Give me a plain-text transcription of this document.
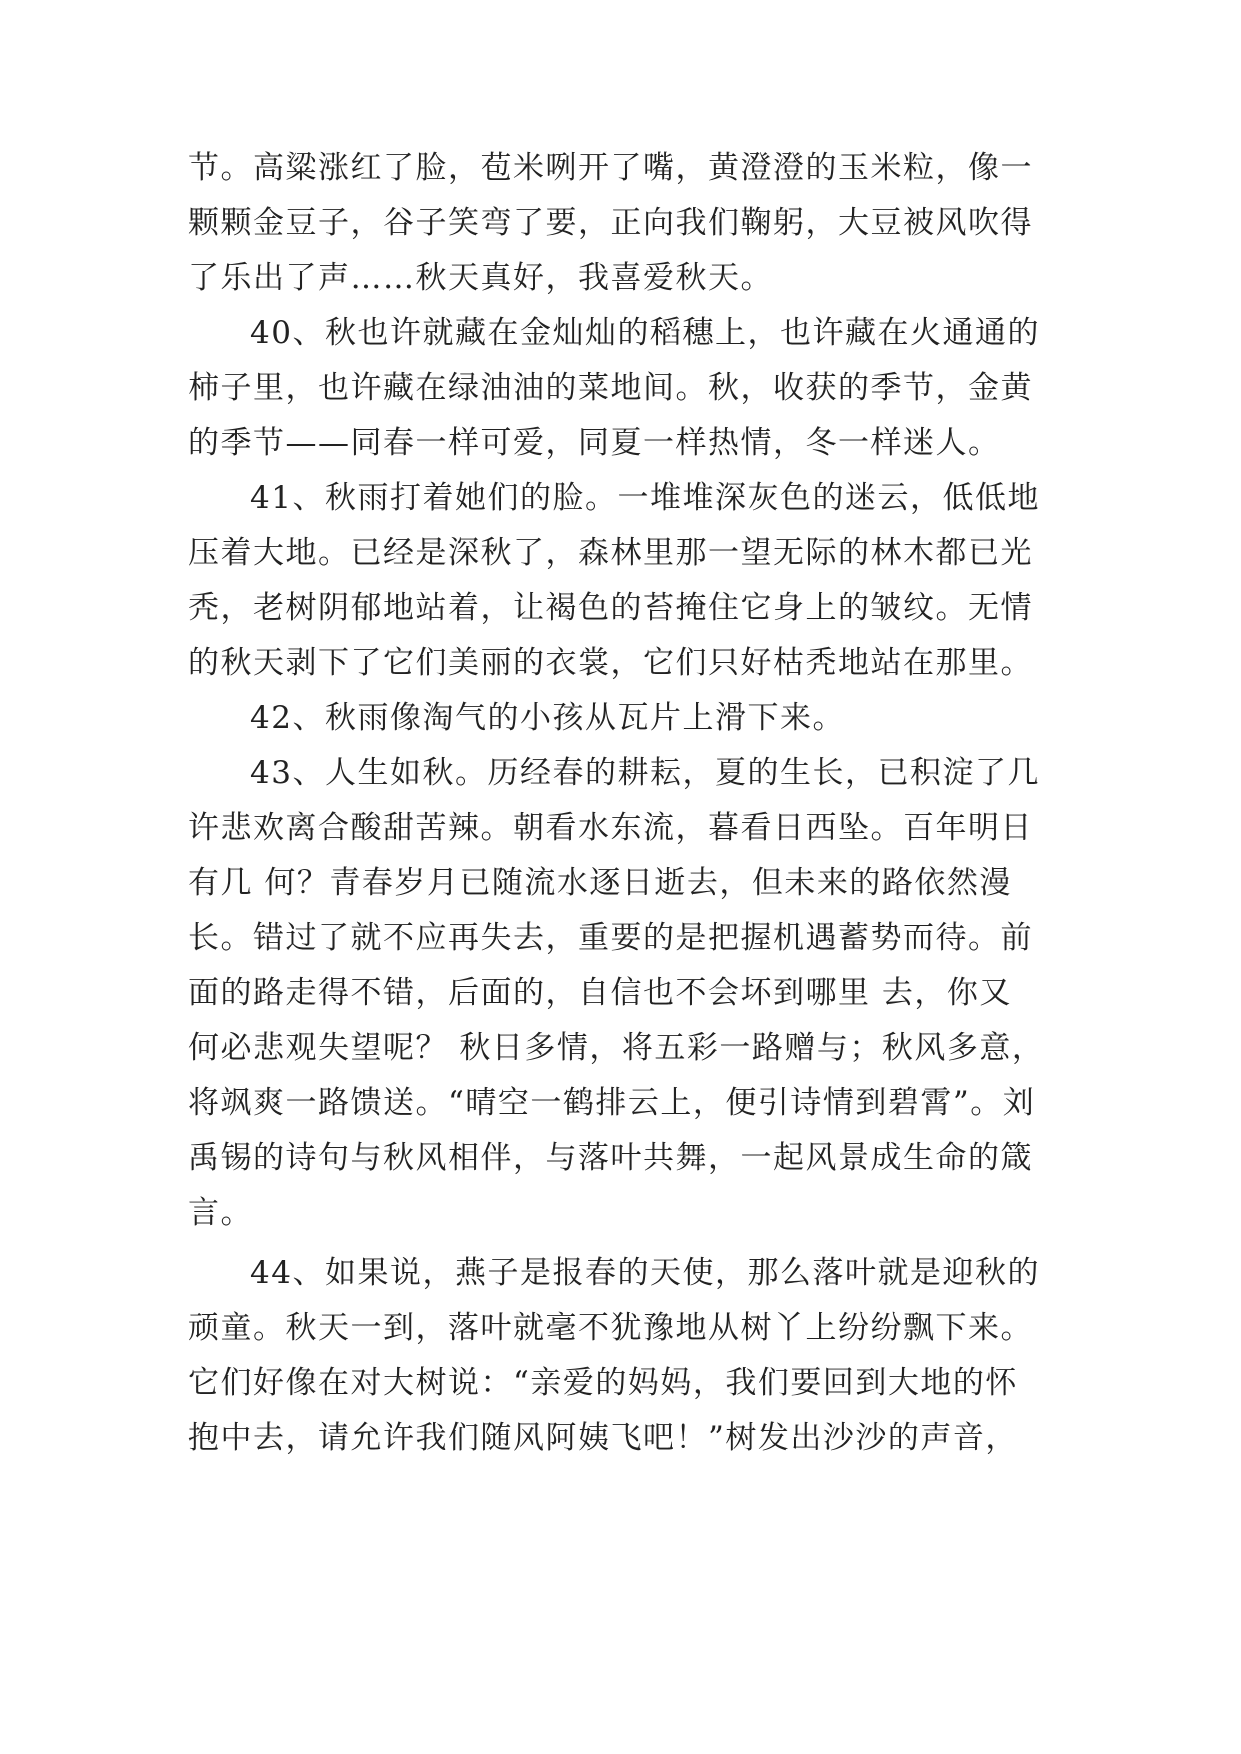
节。高粱涨红了脸，苞米咧开了嘴，黄澄澄的玉米粒，像一
颗颗金豆子，谷子笑弯了要，正向我们鞠躬，大豆被风吹得
了乐出了声……秋天真好，我喜爱秋天。
40、秋也许就藏在金灿灿的稻穗上，也许藏在火通通的
柿子里，也许藏在绿油油的菜地间。秋，收获的季节，金黄
的季节——同春一样可爱，同夏一样热情，冬一样迷人。
41、秋雨打着她们的脸。一堆堆深灰色的迷云，低低地
压着大地。已经是深秋了，森林里那一望无际的林木都已光
秃，老树阴郁地站着，让褐色的苔掩住它身上的皱纹。无情
的秋天剥下了它们美丽的衣裳，它们只好枯秃地站在那里。
42、秋雨像淘气的小孩从瓦片上滑下来。
43、人生如秋。历经春的耕耘，夏的生长，已积淀了几
许悲欢离合酸甜苦辣。朝看水东流，暮看日西坠。百年明日
有几 何？青春岁月已随流水逐日逝去，但未来的路依然漫
长。错过了就不应再失去，重要的是把握机遇蓄势而待。前
面的路走得不错，后面的，自信也不会坏到哪里 去，你又
何必悲观失望呢？ 秋日多情，将五彩一路赠与；秋风多意，
将飒爽一路馈送。“晴空一鹤排云上，便引诗情到碧霄”。刘
禹锡的诗句与秋风相伴，与落叶共舞，一起风景成生命的箴
言。
44、如果说，燕子是报春的天使，那么落叶就是迎秋的
顽童。秋天一到，落叶就毫不犹豫地从树丫上纷纷飘下来。
它们好像在对大树说：“亲爱的妈妈，我们要回到大地的怀
抱中去，请允许我们随风阿姨飞吧！”树发出沙沙的声音，
